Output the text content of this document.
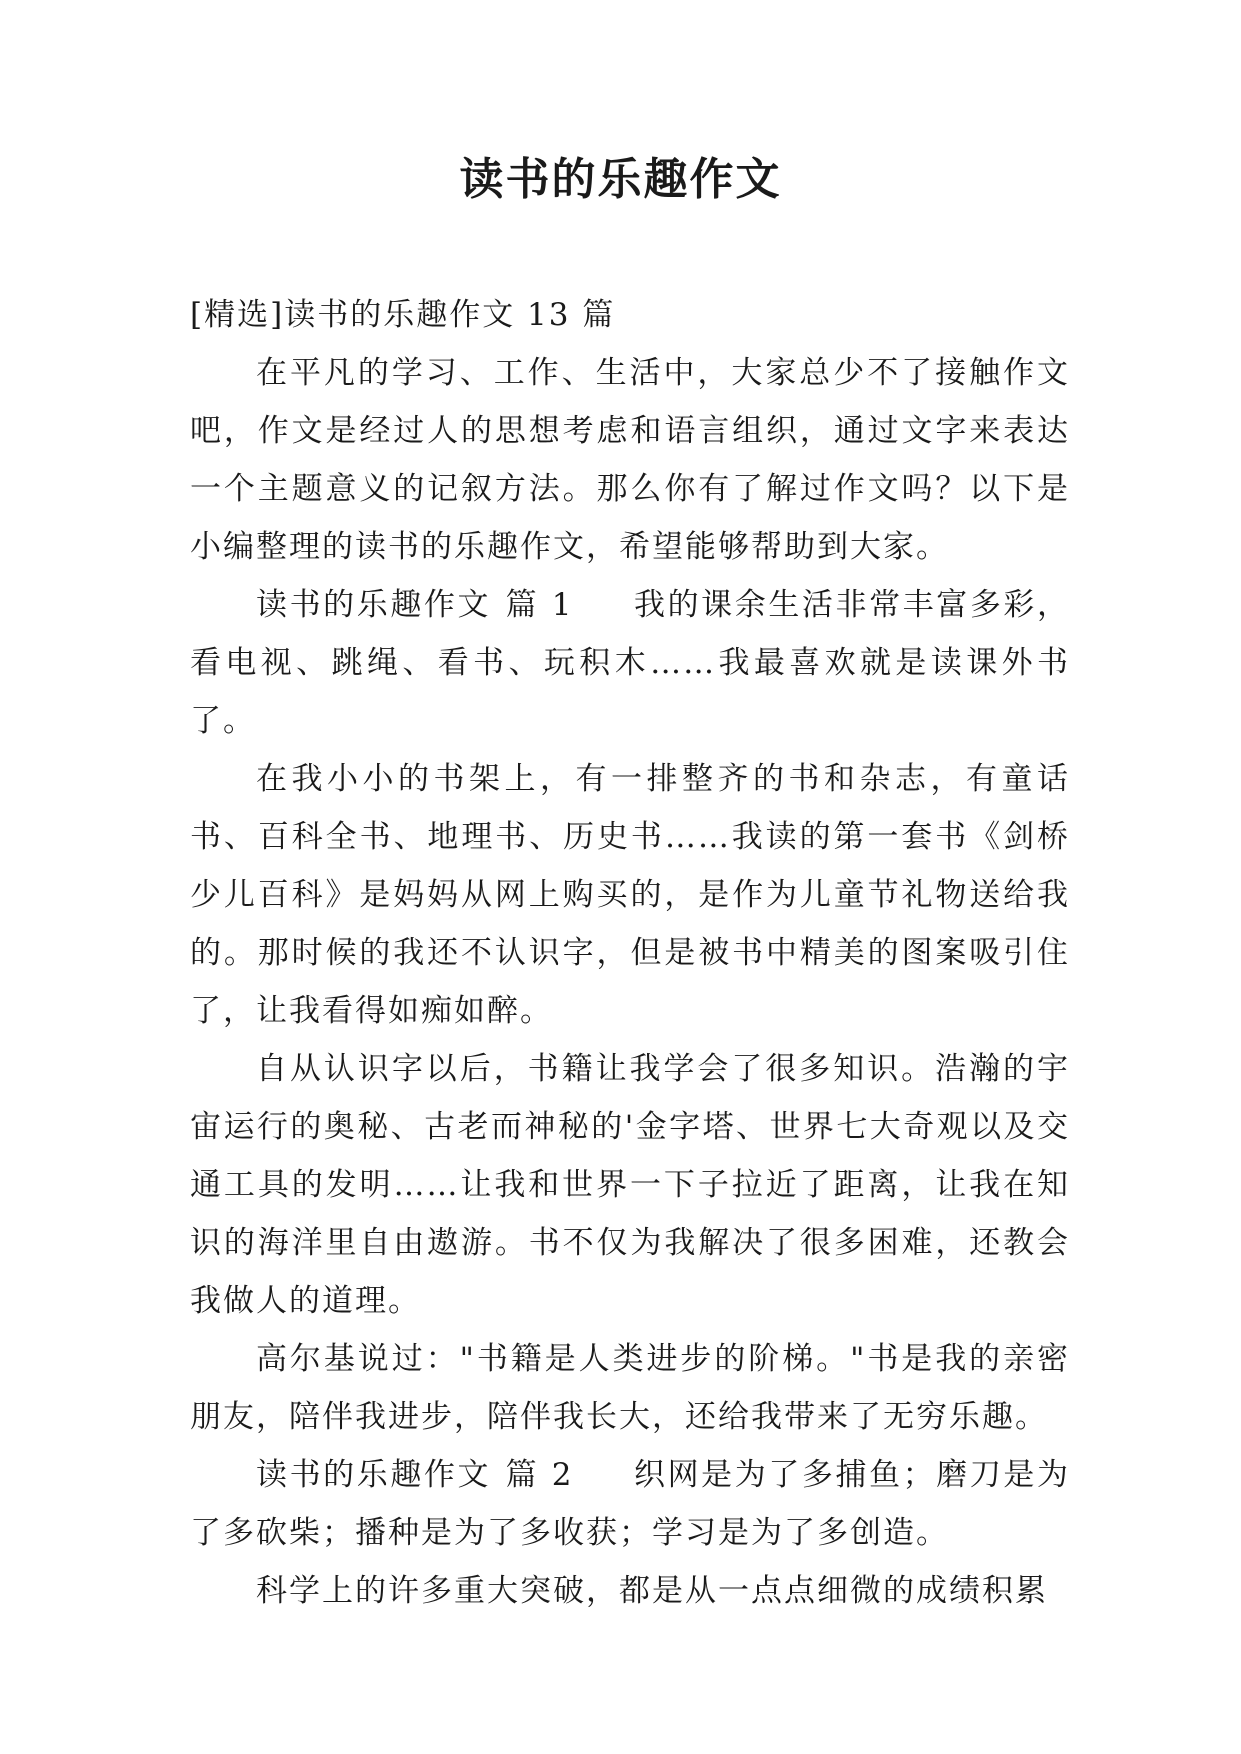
读书的乐趣作文

[精选]读书的乐趣作文 13 篇

在平凡的学习、工作、生活中，大家总少不了接触作文吧，作文是经过人的思想考虑和语言组织，通过文字来表达一个主题意义的记叙方法。那么你有了解过作文吗？以下是小编整理的读书的乐趣作文，希望能够帮助到大家。

读书的乐趣作文 篇 1 我的课余生活非常丰富多彩，看电视、跳绳、看书、玩积木……我最喜欢就是读课外书了。

在我小小的书架上，有一排整齐的书和杂志，有童话书、百科全书、地理书、历史书……我读的第一套书《剑桥少儿百科》是妈妈从网上购买的，是作为儿童节礼物送给我的。那时候的我还不认识字，但是被书中精美的图案吸引住了，让我看得如痴如醉。

自从认识字以后，书籍让我学会了很多知识。浩瀚的宇宙运行的奥秘、古老而神秘的'金字塔、世界七大奇观以及交通工具的发明……让我和世界一下子拉近了距离，让我在知识的海洋里自由遨游。书不仅为我解决了很多困难，还教会我做人的道理。

高尔基说过："书籍是人类进步的阶梯。"书是我的亲密朋友，陪伴我进步，陪伴我长大，还给我带来了无穷乐趣。

读书的乐趣作文 篇 2 织网是为了多捕鱼；磨刀是为了多砍柴；播种是为了多收获；学习是为了多创造。

科学上的许多重大突破，都是从一点点细微的成绩积累
